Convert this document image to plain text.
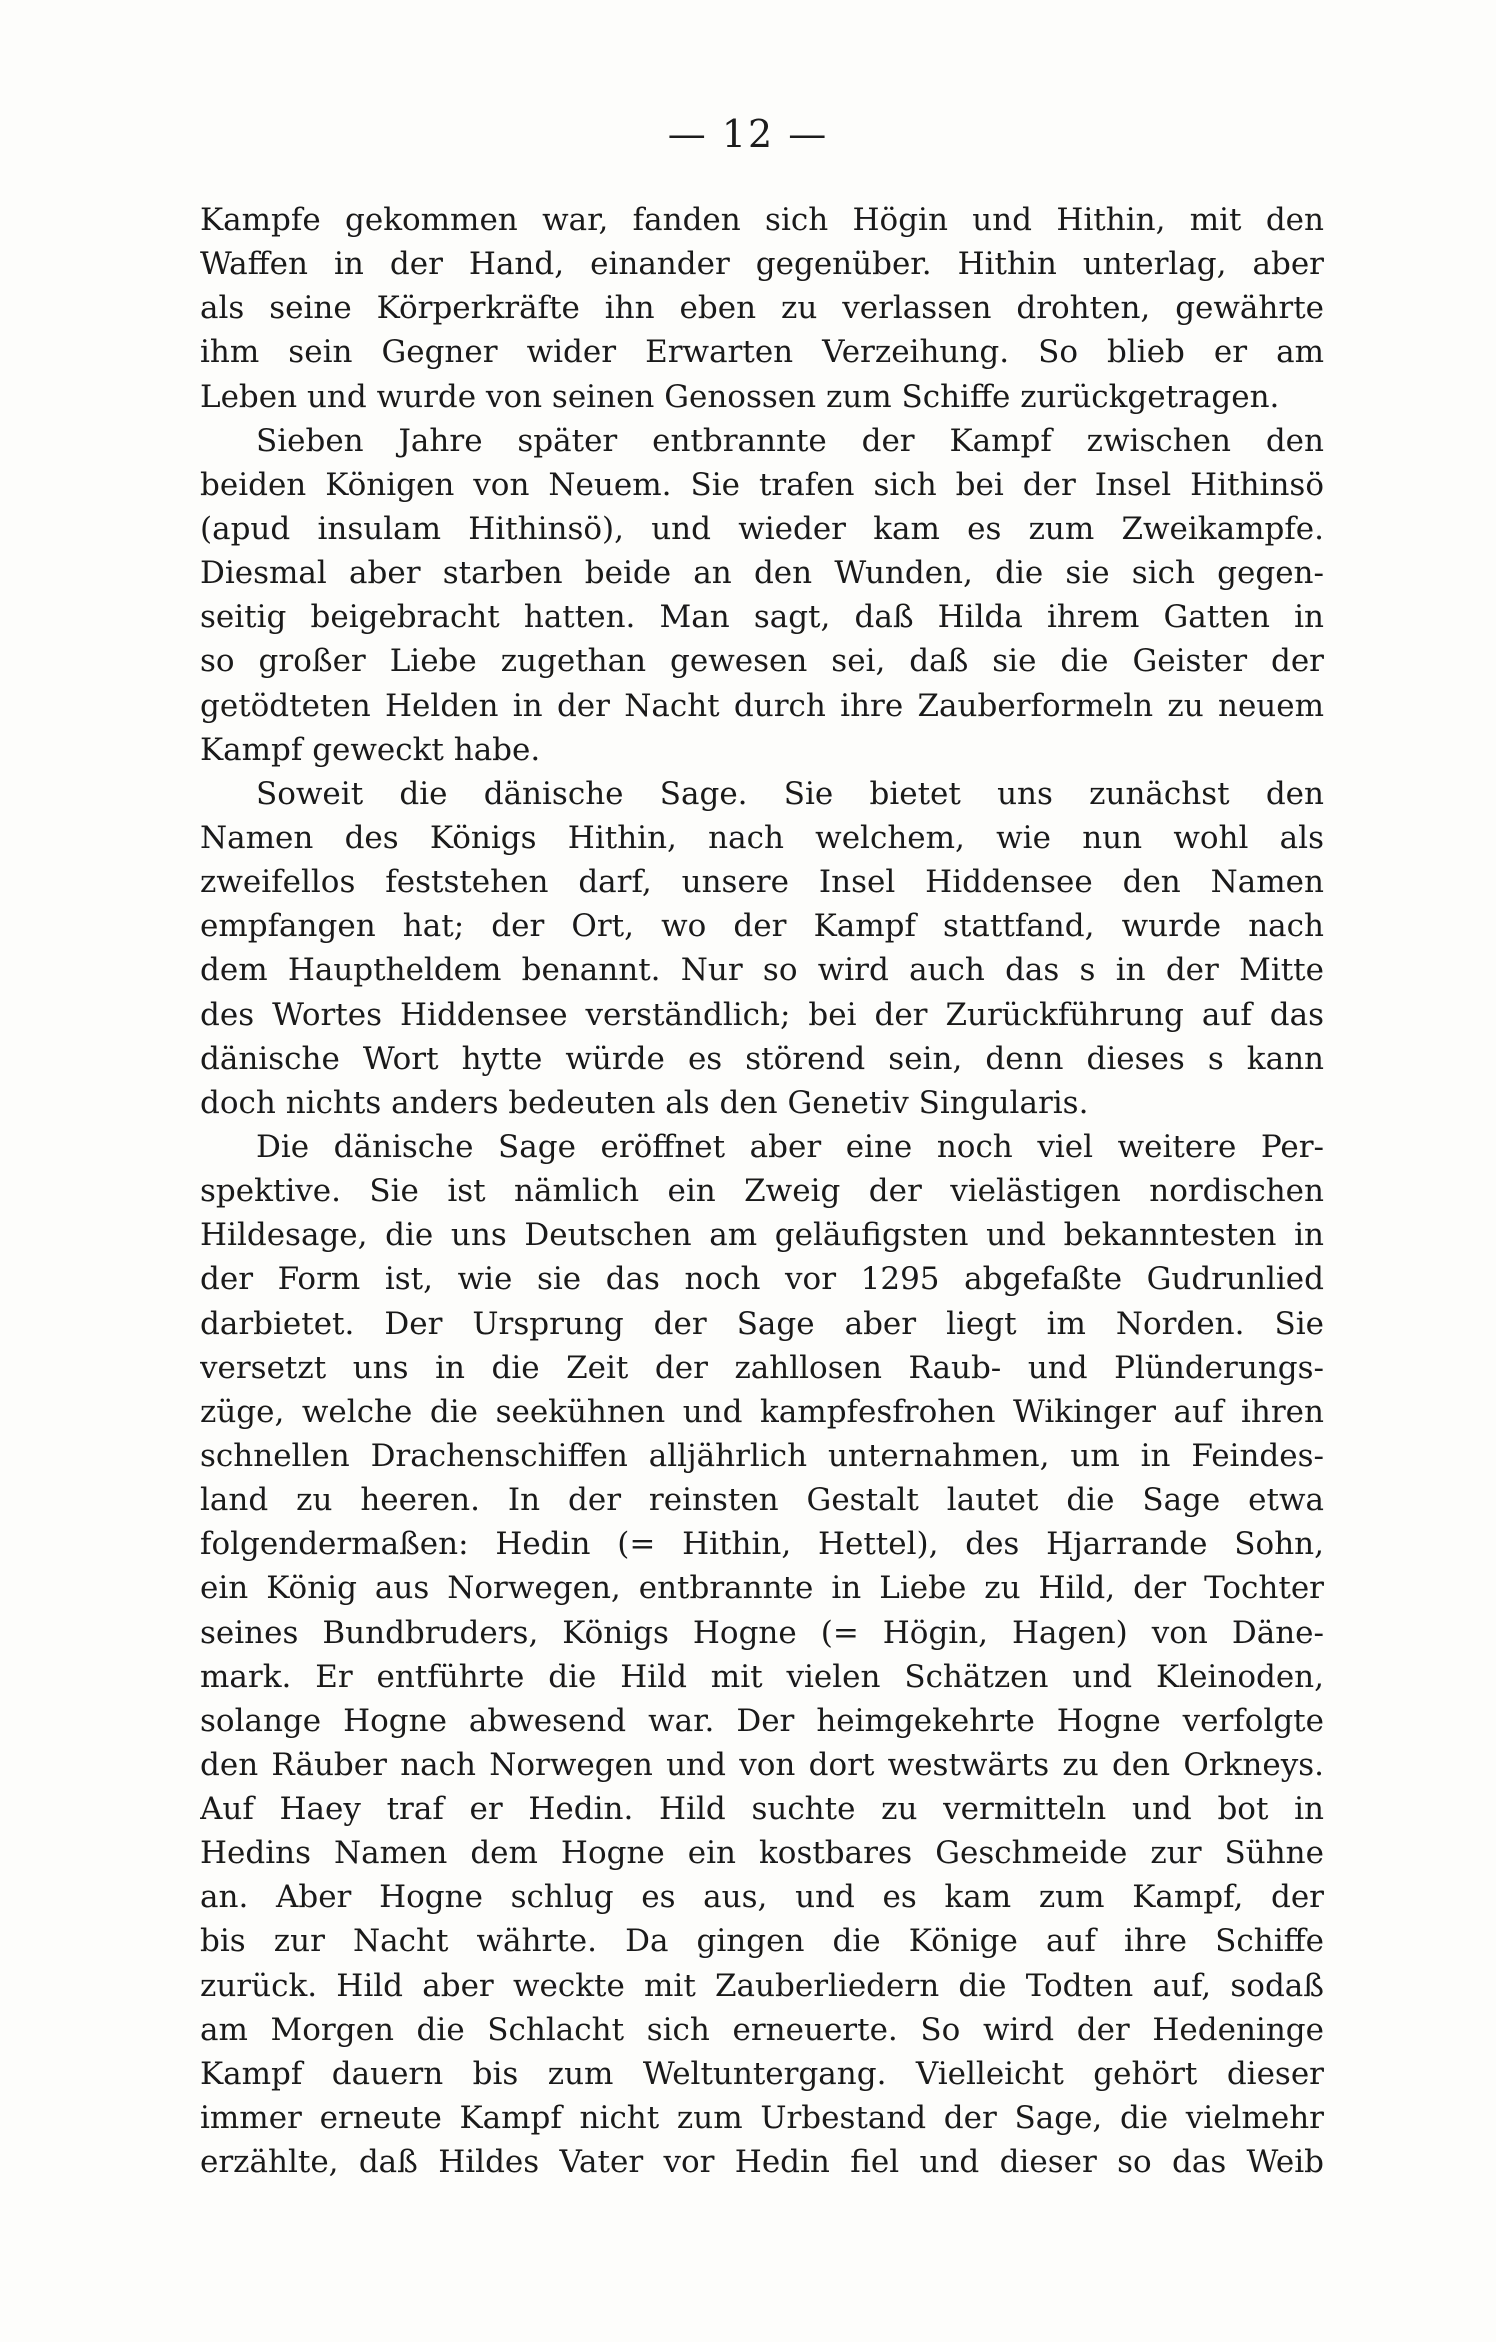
— 12 —
Kampfe gekommen war, fanden sich Högin und Hithin, mit den
Waffen in der Hand, einander gegenüber. Hithin unterlag, aber
als seine Körperkräfte ihn eben zu verlassen drohten, gewährte
ihm sein Gegner wider Erwarten Verzeihung. So blieb er am
Leben und wurde von seinen Genossen zum Schiffe zurückgetragen.
Sieben Jahre später entbrannte der Kampf zwischen den
beiden Königen von Neuem. Sie trafen sich bei der Insel Hithinsö
(apud insulam Hithinsö), und wieder kam es zum Zweikampfe.
Diesmal aber starben beide an den Wunden, die sie sich gegen-
seitig beigebracht hatten. Man sagt, daß Hilda ihrem Gatten in
so großer Liebe zugethan gewesen sei, daß sie die Geister der
getödteten Helden in der Nacht durch ihre Zauberformeln zu neuem
Kampf geweckt habe.
Soweit die dänische Sage. Sie bietet uns zunächst den
Namen des Königs Hithin, nach welchem, wie nun wohl als
zweifellos feststehen darf, unsere Insel Hiddensee den Namen
empfangen hat; der Ort, wo der Kampf stattfand, wurde nach
dem Hauptheldem benannt. Nur so wird auch das s in der Mitte
des Wortes Hiddensee verständlich; bei der Zurückführung auf das
dänische Wort hytte würde es störend sein, denn dieses s kann
doch nichts anders bedeuten als den Genetiv Singularis.
Die dänische Sage eröffnet aber eine noch viel weitere Per-
spektive. Sie ist nämlich ein Zweig der vielästigen nordischen
Hildesage, die uns Deutschen am geläufigsten und bekanntesten in
der Form ist, wie sie das noch vor 1295 abgefaßte Gudrunlied
darbietet. Der Ursprung der Sage aber liegt im Norden. Sie
versetzt uns in die Zeit der zahllosen Raub- und Plünderungs-
züge, welche die seekühnen und kampfesfrohen Wikinger auf ihren
schnellen Drachenschiffen alljährlich unternahmen, um in Feindes-
land zu heeren. In der reinsten Gestalt lautet die Sage etwa
folgendermaßen: Hedin (= Hithin, Hettel), des Hjarrande Sohn,
ein König aus Norwegen, entbrannte in Liebe zu Hild, der Tochter
seines Bundbruders, Königs Hogne (= Högin, Hagen) von Däne-
mark. Er entführte die Hild mit vielen Schätzen und Kleinoden,
solange Hogne abwesend war. Der heimgekehrte Hogne verfolgte
den Räuber nach Norwegen und von dort westwärts zu den Orkneys.
Auf Haey traf er Hedin. Hild suchte zu vermitteln und bot in
Hedins Namen dem Hogne ein kostbares Geschmeide zur Sühne
an. Aber Hogne schlug es aus, und es kam zum Kampf, der
bis zur Nacht währte. Da gingen die Könige auf ihre Schiffe
zurück. Hild aber weckte mit Zauberliedern die Todten auf, sodaß
am Morgen die Schlacht sich erneuerte. So wird der Hedeninge
Kampf dauern bis zum Weltuntergang. Vielleicht gehört dieser
immer erneute Kampf nicht zum Urbestand der Sage, die vielmehr
erzählte, daß Hildes Vater vor Hedin fiel und dieser so das Weib
